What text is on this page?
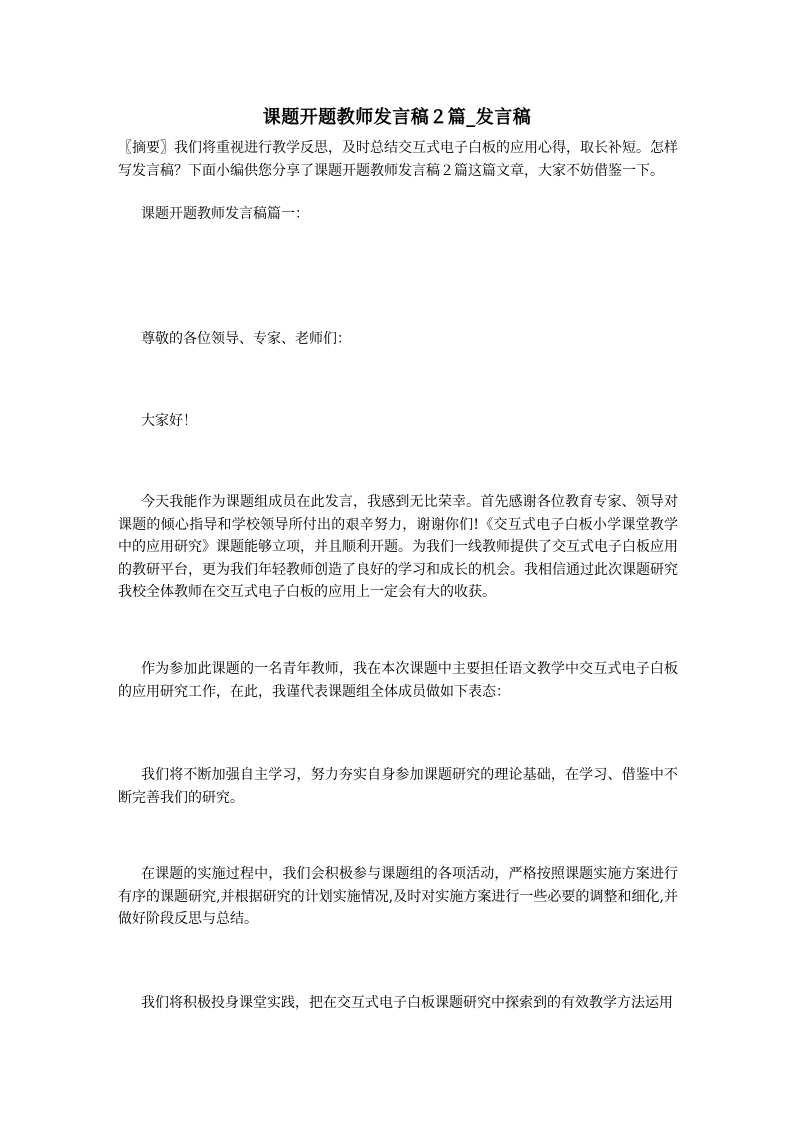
课题开题教师发言稿２篇_发言稿
〖摘要〗我们将重视进行教学反思，及时总结交互式电子白板的应用心得，取长补短。怎样写发言稿？下面小编供您分享了课题开题教师发言稿２篇这篇文章，大家不妨借鉴一下。
课题开题教师发言稿篇一：
尊敬的各位领导、专家、老师们：
大家好！
今天我能作为课题组成员在此发言，我感到无比荣幸。首先感谢各位教育专家、领导对课题的倾心指导和学校领导所付出的艰辛努力，谢谢你们!《交互式电子白板小学课堂教学中的应用研究》课题能够立项，并且顺利开题。为我们一线教师提供了交互式电子白板应用的教研平台，更为我们年轻教师创造了良好的学习和成长的机会。我相信通过此次课题研究我校全体教师在交互式电子白板的应用上一定会有大的收获。
作为参加此课题的一名青年教师，我在本次课题中主要担任语文教学中交互式电子白板的应用研究工作，在此，我谨代表课题组全体成员做如下表态：
我们将不断加强自主学习，努力夯实自身参加课题研究的理论基础，在学习、借鉴中不断完善我们的研究。
在课题的实施过程中，我们会积极参与课题组的各项活动，严格按照课题实施方案进行有序的课题研究,并根据研究的计划实施情况,及时对实施方案进行一些必要的调整和细化,并做好阶段反思与总结。
我们将积极投身课堂实践，把在交互式电子白板课题研究中探索到的有效教学方法运用
